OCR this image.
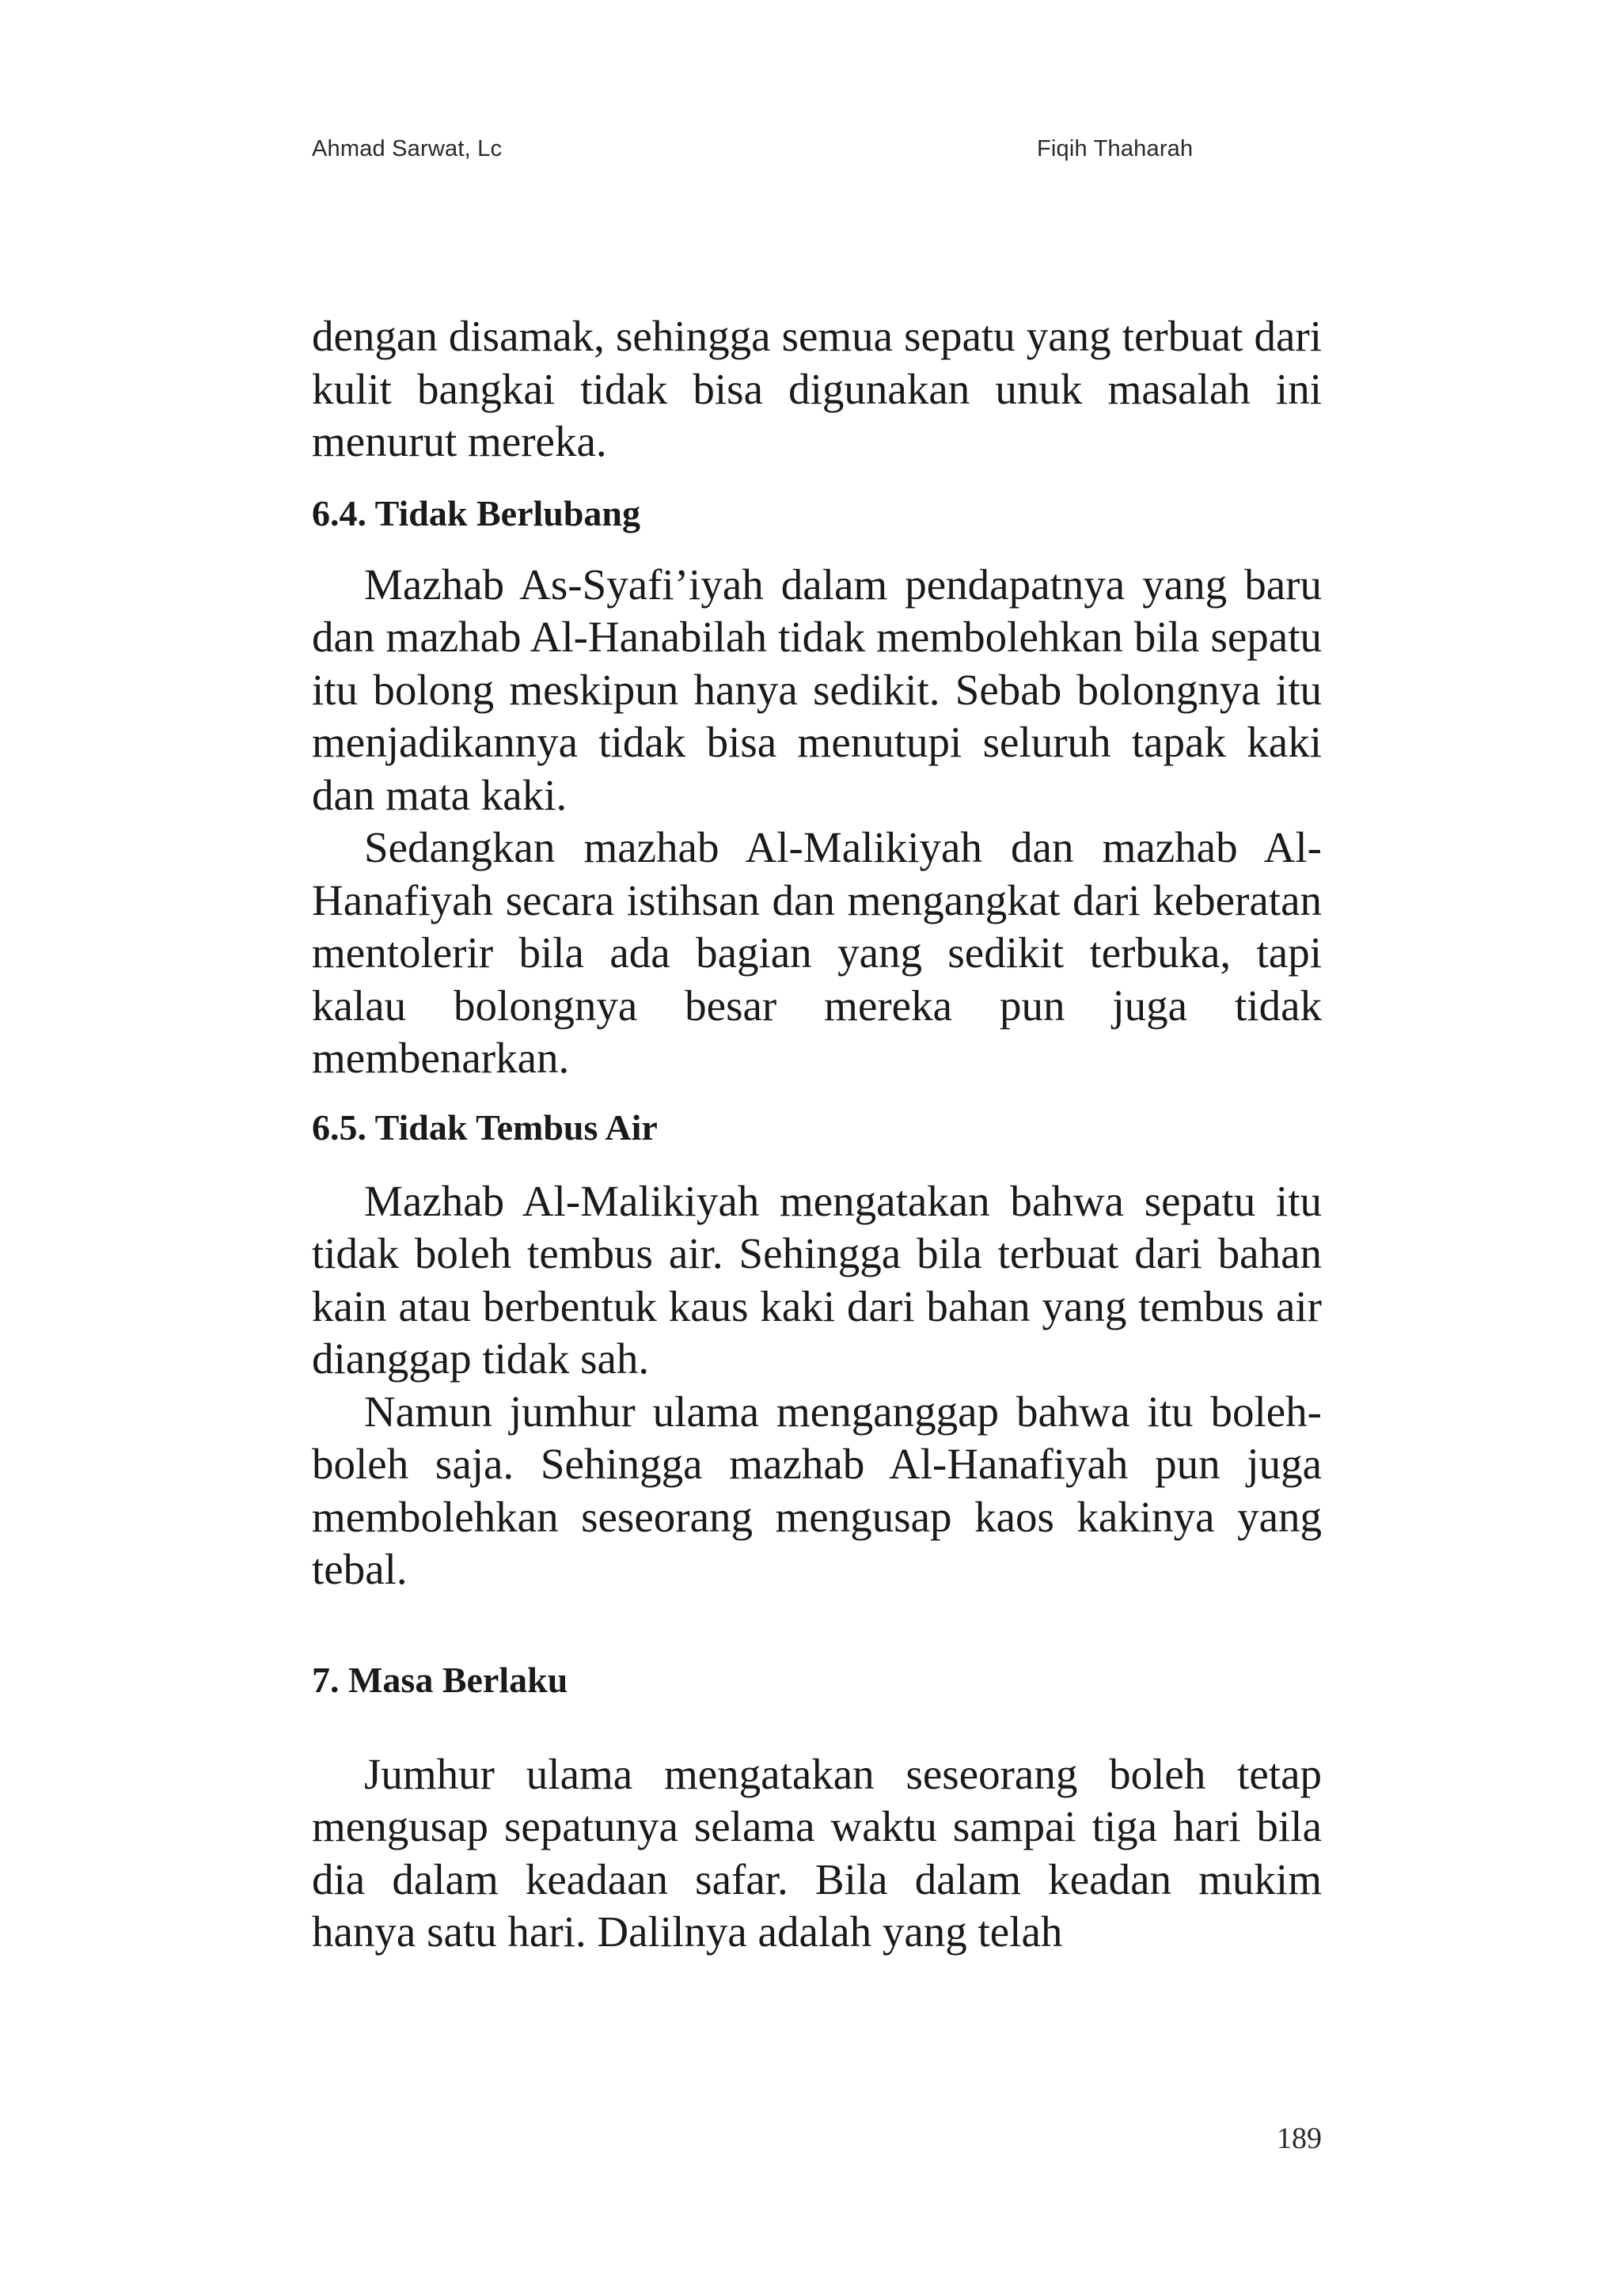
Ahmad Sarwat, Lc	Fiqih Thaharah

dengan disamak, sehingga semua sepatu yang terbuat dari kulit bangkai tidak bisa digunakan unuk masalah ini menurut mereka.

6.4. Tidak Berlubang

Mazhab As-Syafi’iyah dalam pendapatnya yang baru dan mazhab Al-Hanabilah tidak membolehkan bila sepatu itu bolong meskipun hanya sedikit. Sebab bolongnya itu menjadikannya tidak bisa menutupi seluruh tapak kaki dan mata kaki.

Sedangkan mazhab Al-Malikiyah dan mazhab Al-Hanafiyah secara istihsan dan mengangkat dari keberatan mentolerir bila ada bagian yang sedikit terbuka, tapi kalau bolongnya besar mereka pun juga tidak membenarkan.

6.5. Tidak Tembus Air

Mazhab Al-Malikiyah mengatakan bahwa sepatu itu tidak boleh tembus air. Sehingga bila terbuat dari bahan kain atau berbentuk kaus kaki dari bahan yang tembus air dianggap tidak sah.

Namun jumhur ulama menganggap bahwa itu boleh-boleh saja. Sehingga mazhab Al-Hanafiyah pun juga membolehkan seseorang mengusap kaos kakinya yang tebal.

7. Masa Berlaku

Jumhur ulama mengatakan seseorang boleh tetap mengusap sepatunya selama waktu sampai tiga hari bila dia dalam keadaan safar. Bila dalam keadan mukim hanya satu hari. Dalilnya adalah yang telah

189
